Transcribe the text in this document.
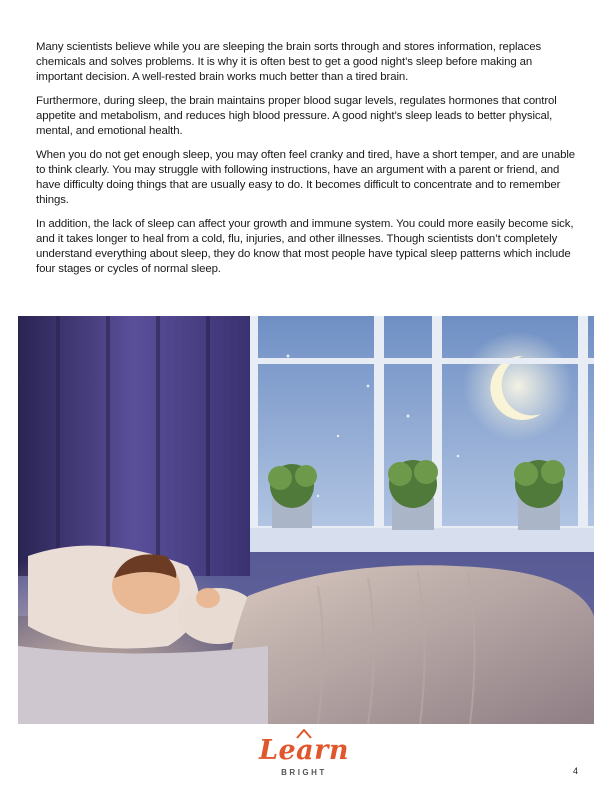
Many scientists believe while you are sleeping the brain sorts through and stores information, replaces chemicals and solves problems. It is why it is often best to get a good night’s sleep before making an important decision. A well-rested brain works much better than a tired brain.

Furthermore, during sleep, the brain maintains proper blood sugar levels, regulates hormones that control appetite and metabolism, and reduces high blood pressure. A good night’s sleep leads to better physical, mental, and emotional health.

When you do not get enough sleep, you may often feel cranky and tired, have a short temper, and are unable to think clearly. You may struggle with following instructions, have an argument with a parent or friend, and have difficulty doing things that are usually easy to do. It becomes difficult to concentrate and to remember things.

In addition, the lack of sleep can affect your growth and immune system. You could more easily become sick, and it takes longer to heal from a cold, flu, injuries, and other illnesses. Though scientists don’t completely understand everything about sleep, they do know that most people have typical sleep patterns which include four stages or cycles of normal sleep.

Learn
BRIGHT	4
